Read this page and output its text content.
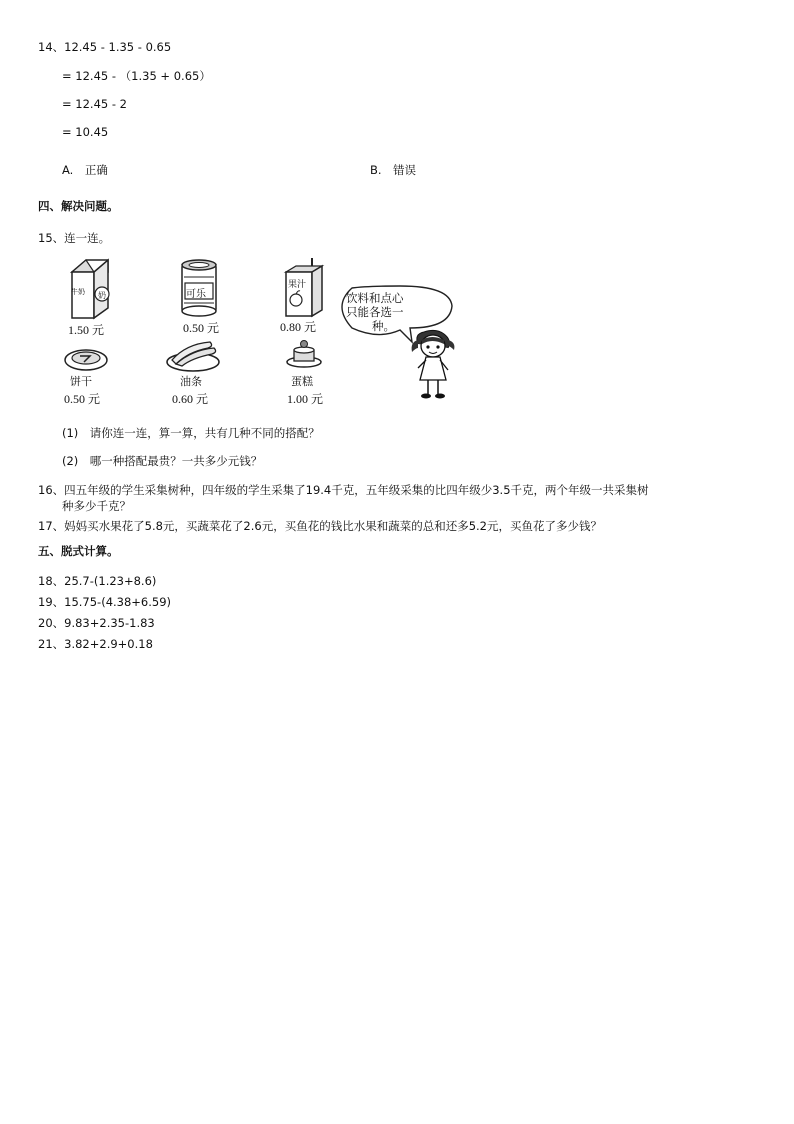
14、12.45 - 1.35 - 0.65
= 12.45 - （1.35 + 0.65）
= 12.45 - 2
= 10.45
A.　正确	B.　错误
四、解决问题。
15、连一连。
奶
牛奶
1.50 元
可乐
0.50 元
果汁
0.80 元
饼干
0.50 元
油条
0.60 元
蛋糕
1.00 元
饮料和点心
只能各选一
种。
(1)　请你连一连，算一算，共有几种不同的搭配？
(2)　哪一种搭配最贵？一共多少元钱？
16、四五年级的学生采集树种，四年级的学生采集了19.4千克，五年级采集的比四年级少3.5千克，两个年级一共采集树
种多少千克？
17、妈妈买水果花了5.8元，买蔬菜花了2.6元，买鱼花的钱比水果和蔬菜的总和还多5.2元，买鱼花了多少钱？
五、脱式计算。
18、25.7-(1.23+8.6)
19、15.75-(4.38+6.59)
20、9.83+2.35-1.83
21、3.82+2.9+0.18
